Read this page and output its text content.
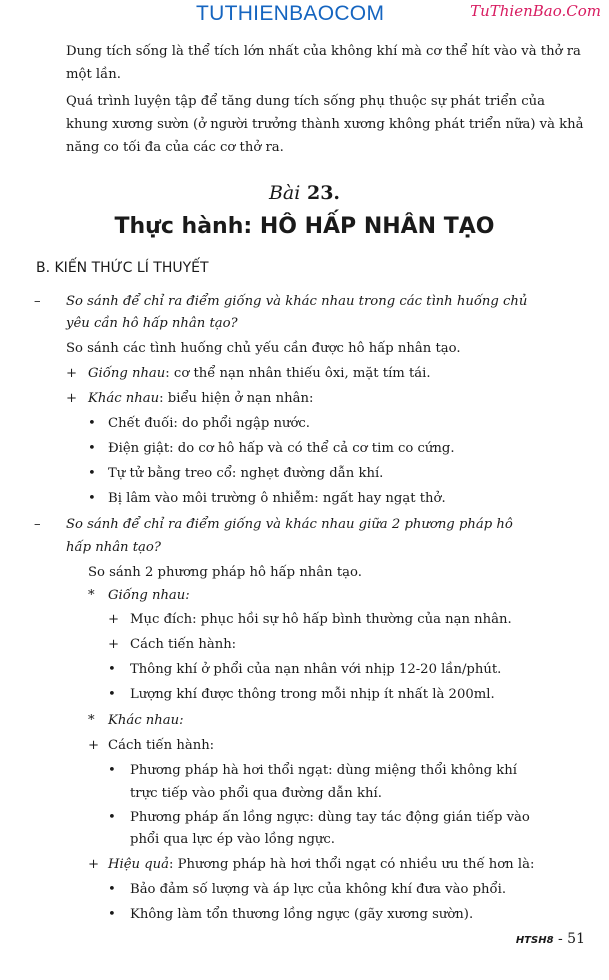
TUTHIENBAOCOM	TuThienBao.Com

Dung tích sống là thể tích lớn nhất của không khí mà cơ thể hít vào và thở ra một lần.

Quá trình luyện tập để tăng dung tích sống phụ thuộc sự phát triển của khung xương sườn (ở người trưởng thành xương không phát triển nữa) và khả năng co tối đa của các cơ thở ra.

Bài 23.
Thực hành: HÔ HẤP NHÂN TẠO
B. KIẾN THỨC LÍ THUYẾT
– So sánh để chỉ ra điểm giống và khác nhau trong các tình huống chủ
yêu cần hô hấp nhân tạo?
So sánh các tình huống chủ yếu cần được hô hấp nhân tạo.
+ Giống nhau: cơ thể nạn nhân thiếu ôxi, mặt tím tái.
+ Khác nhau: biểu hiện ở nạn nhân:
• Chết đuối: do phổi ngập nước.
• Điện giật: do cơ hô hấp và có thể cả cơ tim co cứng.
• Tự tử bằng treo cổ: nghẹt đường dẫn khí.
• Bị lâm vào môi trường ô nhiễm: ngất hay ngạt thở.
– So sánh để chỉ ra điểm giống và khác nhau giữa 2 phương pháp hô
hấp nhân tạo?
So sánh 2 phương pháp hô hấp nhân tạo.
* Giống nhau:
+ Mục đích: phục hồi sự hô hấp bình thường của nạn nhân.
+ Cách tiến hành:
• Thông khí ở phổi của nạn nhân với nhịp 12-20 lần/phút.
• Lượng khí được thông trong mỗi nhịp ít nhất là 200ml.
* Khác nhau:
+ Cách tiến hành:
• Phương pháp hà hơi thổi ngạt: dùng miệng thổi không khí
trực tiếp vào phổi qua đường dẫn khí.
• Phương pháp ấn lồng ngực: dùng tay tác động gián tiếp vào
phổi qua lực ép vào lồng ngực.
+ Hiệu quả: Phương pháp hà hơi thổi ngạt có nhiều ưu thế hơn là:
• Bảo đảm số lượng và áp lực của không khí đưa vào phổi.
• Không làm tổn thương lồng ngực (gãy xương sườn).
HTSH8 - 51
